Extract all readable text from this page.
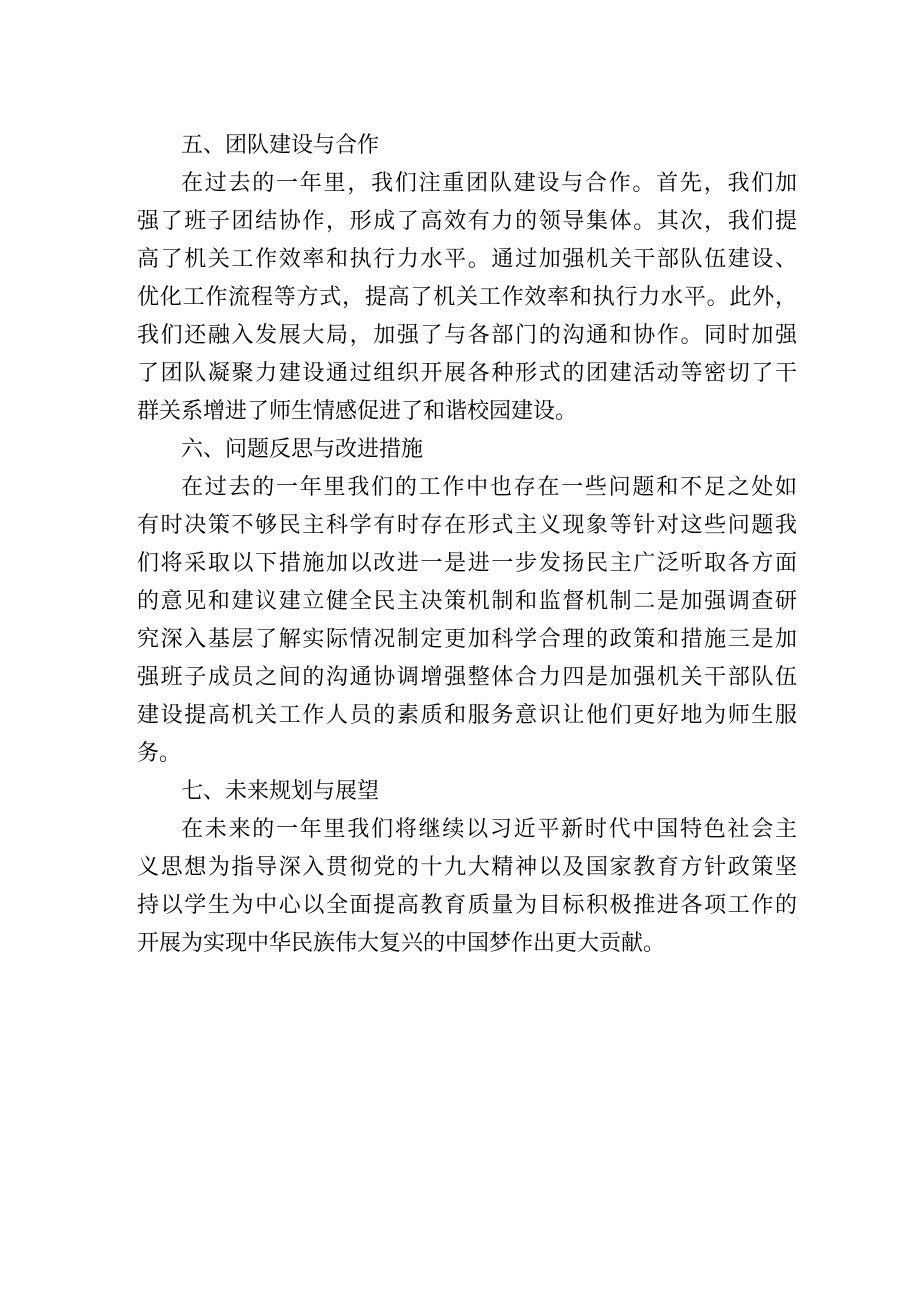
五、团队建设与合作

在过去的一年里，我们注重团队建设与合作。首先，我们加
强了班子团结协作，形成了高效有力的领导集体。其次，我们提
高了机关工作效率和执行力水平。通过加强机关干部队伍建设、
优化工作流程等方式，提高了机关工作效率和执行力水平。此外，
我们还融入发展大局，加强了与各部门的沟通和协作。同时加强
了团队凝聚力建设通过组织开展各种形式的团建活动等密切了干
群关系增进了师生情感促进了和谐校园建设。

六、问题反思与改进措施

在过去的一年里我们的工作中也存在一些问题和不足之处如
有时决策不够民主科学有时存在形式主义现象等针对这些问题我
们将采取以下措施加以改进一是进一步发扬民主广泛听取各方面
的意见和建议建立健全民主决策机制和监督机制二是加强调查研
究深入基层了解实际情况制定更加科学合理的政策和措施三是加
强班子成员之间的沟通协调增强整体合力四是加强机关干部队伍
建设提高机关工作人员的素质和服务意识让他们更好地为师生服
务。

七、未来规划与展望

在未来的一年里我们将继续以习近平新时代中国特色社会主
义思想为指导深入贯彻党的十九大精神以及国家教育方针政策坚
持以学生为中心以全面提高教育质量为目标积极推进各项工作的
开展为实现中华民族伟大复兴的中国梦作出更大贡献。
